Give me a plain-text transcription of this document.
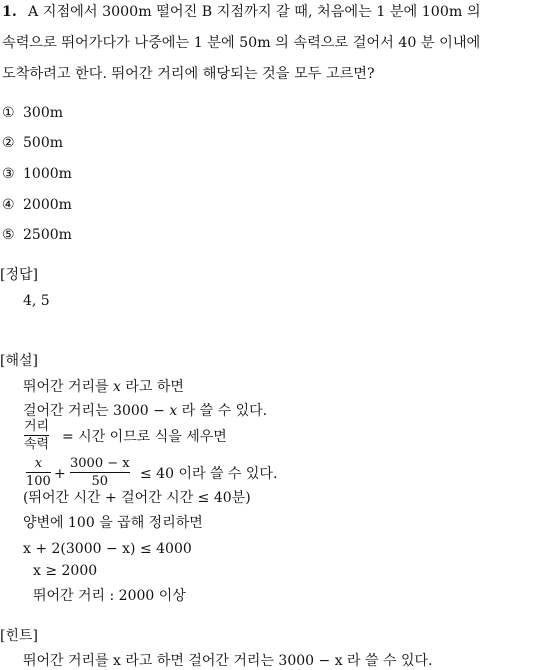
1. A 지점에서 3000m 떨어진 B 지점까지 갈 때, 처음에는 1 분에 100m 의
속력으로 뛰어가다가 나중에는 1 분에 50m 의 속력으로 걸어서 40 분 이내에
도착하려고 한다. 뛰어간 거리에 해당되는 것을 모두 고르면?
① 300m
② 500m
③ 1000m
④ 2000m
⑤ 2500m
[정답]
4, 5
[해설]
뛰어간 거리를 x 라고 하면
걸어간 거리는 3000 − x 라 쓸 수 있다.
거리
속력 = 시간 이므로 식을 세우면
x
100 +
3000 − x
50 ≤ 40 이라 쓸 수 있다.
(뛰어간 시간 + 걸어간 시간 ≤ 40분)
양변에 100 을 곱해 정리하면
x + 2(3000 − x) ≤ 4000
x ≥ 2000
뛰어간 거리 : 2000 이상
[힌트]
뛰어간 거리를 x 라고 하면 걸어간 거리는 3000 − x 라 쓸 수 있다.
